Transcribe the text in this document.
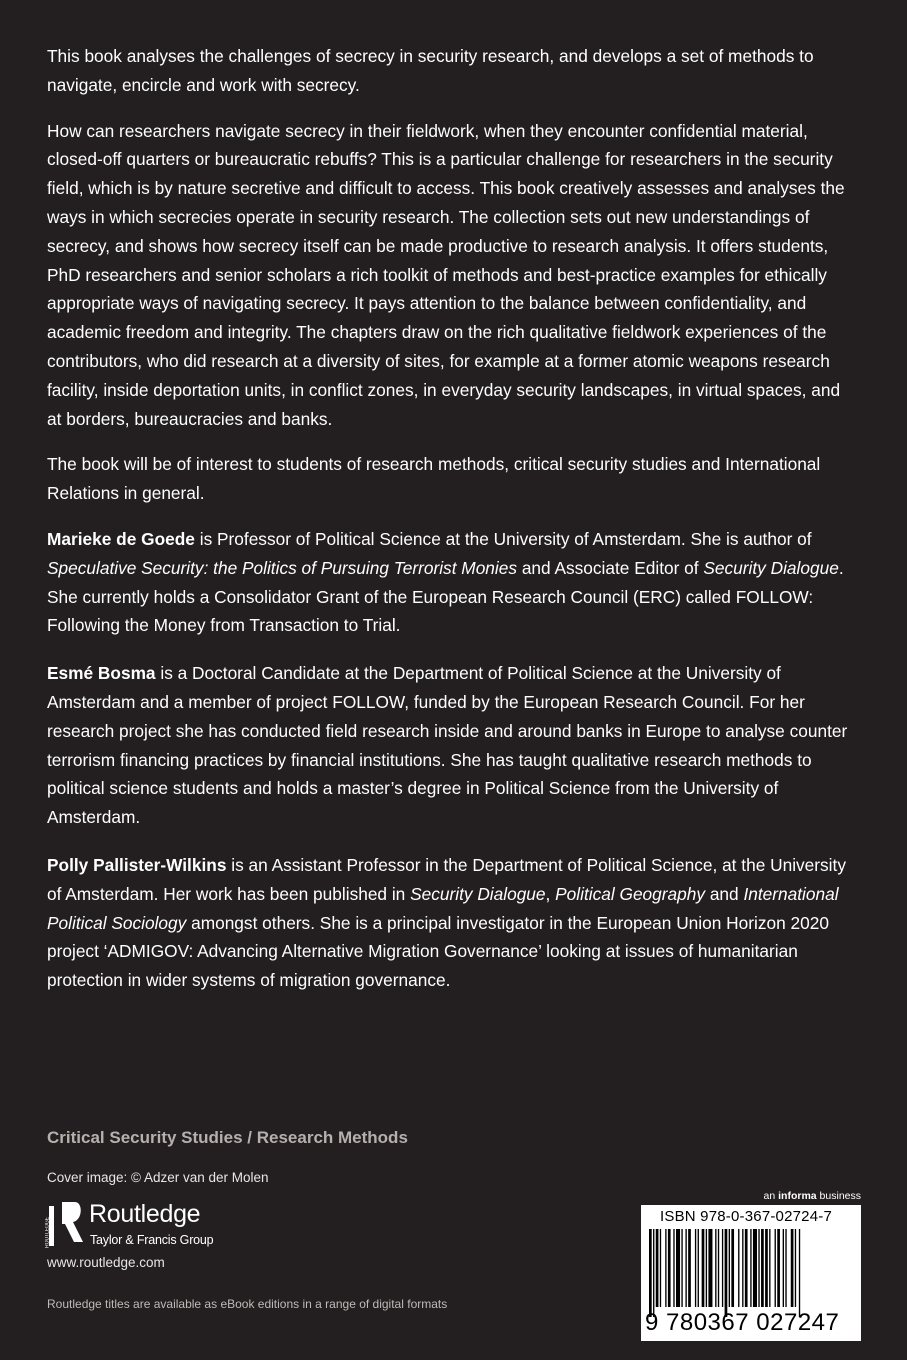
This book analyses the challenges of secrecy in security research, and develops a set of methods to navigate, encircle and work with secrecy.

How can researchers navigate secrecy in their fieldwork, when they encounter confidential material, closed-off quarters or bureaucratic rebuffs? This is a particular challenge for researchers in the security field, which is by nature secretive and difficult to access. This book creatively assesses and analyses the ways in which secrecies operate in security research. The collection sets out new understandings of secrecy, and shows how secrecy itself can be made productive to research analysis. It offers students, PhD researchers and senior scholars a rich toolkit of methods and best-practice examples for ethically appropriate ways of navigating secrecy. It pays attention to the balance between confidentiality, and academic freedom and integrity. The chapters draw on the rich qualitative fieldwork experiences of the contributors, who did research at a diversity of sites, for example at a former atomic weapons research facility, inside deportation units, in conflict zones, in everyday security landscapes, in virtual spaces, and at borders, bureaucracies and banks.

The book will be of interest to students of research methods, critical security studies and International Relations in general.

Marieke de Goede is Professor of Political Science at the University of Amsterdam. She is author of Speculative Security: the Politics of Pursuing Terrorist Monies and Associate Editor of Security Dialogue. She currently holds a Consolidator Grant of the European Research Council (ERC) called FOLLOW: Following the Money from Transaction to Trial.

Esmé Bosma is a Doctoral Candidate at the Department of Political Science at the University of Amsterdam and a member of project FOLLOW, funded by the European Research Council. For her research project she has conducted field research inside and around banks in Europe to analyse counter terrorism financing practices by financial institutions. She has taught qualitative research methods to political science students and holds a master’s degree in Political Science from the University of Amsterdam.

Polly Pallister-Wilkins is an Assistant Professor in the Department of Political Science, at the University of Amsterdam. Her work has been published in Security Dialogue, Political Geography and International Political Sociology amongst others. She is a principal investigator in the European Union Horizon 2020 project ‘ADMIGOV: Advancing Alternative Migration Governance’ looking at issues of humanitarian protection in wider systems of migration governance.

Critical Security Studies / Research Methods
Cover image: © Adzer van der Molen
ROUTLEDGE
Routledge
Taylor & Francis Group
www.routledge.com
Routledge titles are available as eBook editions in a range of digital formats
an informa business
ISBN 978-0-367-02724-7
9 780367 027247
